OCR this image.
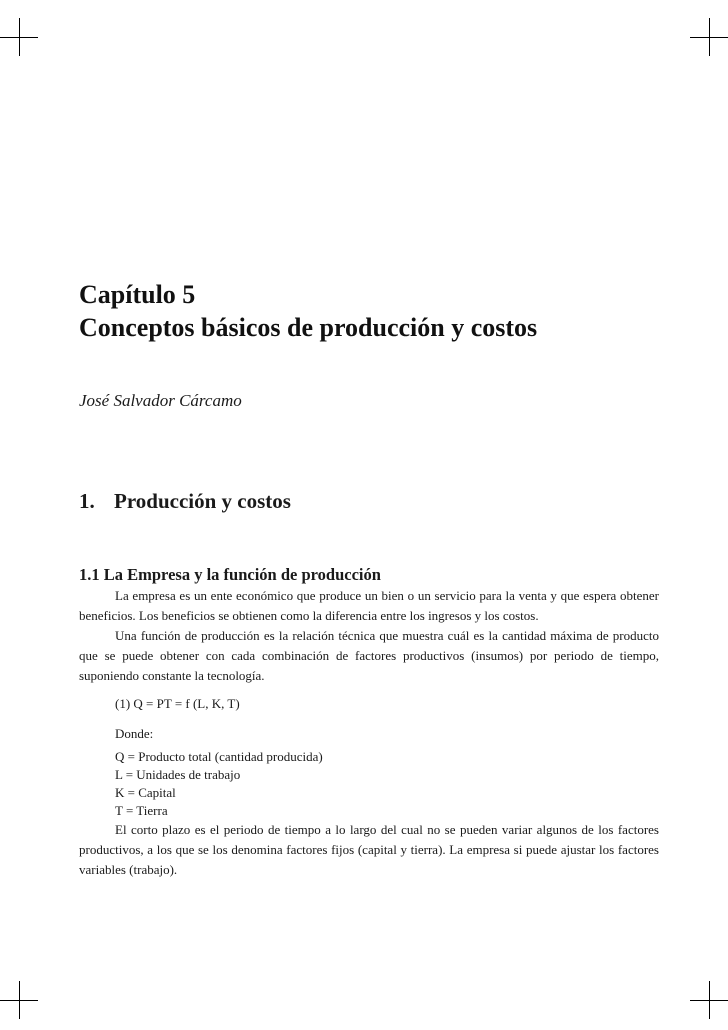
Capítulo 5
Conceptos básicos de producción y costos
José Salvador Cárcamo
1. Producción y costos
1.1 La Empresa y la función de producción

La empresa es un ente económico que produce un bien o un servicio para la venta y que espera obtener beneficios. Los beneficios se obtienen como la diferencia entre los ingresos y los costos.

Una función de producción es la relación técnica que muestra cuál es la cantidad máxima de producto que se puede obtener con cada combinación de factores productivos (insumos) por periodo de tiempo, suponiendo constante la tecnología.

(1) Q = PT = f (L, K, T)
Donde:
Q = Producto total (cantidad producida)
L = Unidades de trabajo
K = Capital
T = Tierra

El corto plazo es el periodo de tiempo a lo largo del cual no se pueden variar algunos de los factores productivos, a los que se los denomina factores fijos (capital y tierra). La empresa si puede ajustar los factores variables (trabajo).
